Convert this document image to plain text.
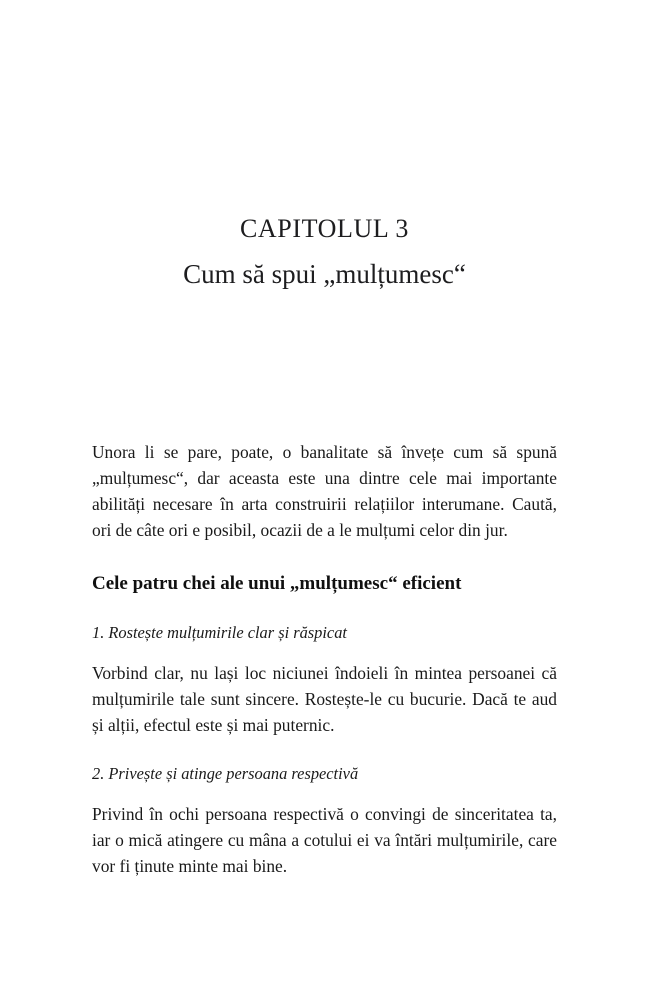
CAPITOLUL 3
Cum să spui „mulțumesc“

Unora li se pare, poate, o banalitate să învețe cum să spună „mulțumesc“, dar aceasta este una dintre cele mai importante abilități necesare în arta construirii relațiilor interumane. Caută, ori de câte ori e posibil, ocazii de a le mulțumi celor din jur.

Cele patru chei ale unui „mulțumesc“ eficient
1. Rostește mulțumirile clar și răspicat

Vorbind clar, nu lași loc niciunei îndoieli în mintea persoanei că mulțumirile tale sunt sincere. Rostește-le cu bucurie. Dacă te aud și alții, efectul este și mai puternic.

2. Privește și atinge persoana respectivă

Privind în ochi persoana respectivă o convingi de sinceritatea ta, iar o mică atingere cu mâna a cotului ei va întări mulțumirile, care vor fi ținute minte mai bine.
